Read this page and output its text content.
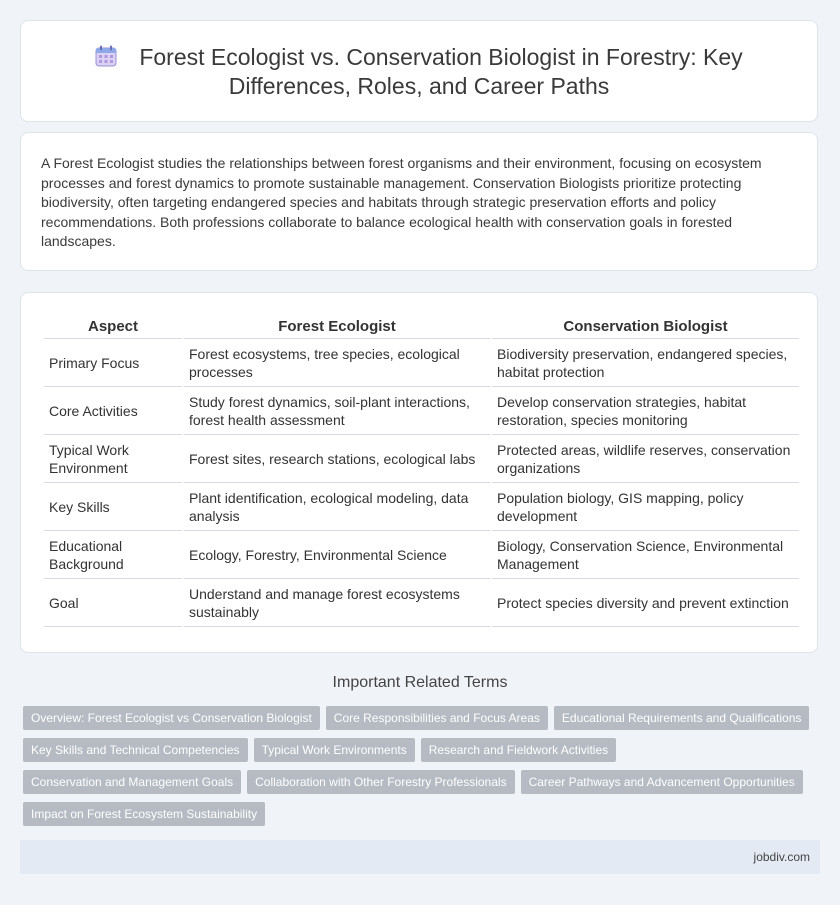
Forest Ecologist vs. Conservation Biologist in Forestry: Key
Differences, Roles, and Career Paths
A Forest Ecologist studies the relationships between forest organisms and their environment, focusing on ecosystem processes and forest dynamics to promote sustainable management. Conservation Biologists prioritize protecting biodiversity, often targeting endangered species and habitats through strategic preservation efforts and policy recommendations. Both professions collaborate to balance ecological health with conservation goals in forested landscapes.
Aspect	Forest Ecologist	Conservation Biologist
Primary Focus	Forest ecosystems, tree species, ecological processes	Biodiversity preservation, endangered species, habitat protection
Core Activities	Study forest dynamics, soil-plant interactions, forest health assessment	Develop conservation strategies, habitat restoration, species monitoring
Typical Work Environment	Forest sites, research stations, ecological labs	Protected areas, wildlife reserves, conservation organizations
Key Skills	Plant identification, ecological modeling, data analysis	Population biology, GIS mapping, policy development
Educational Background	Ecology, Forestry, Environmental Science	Biology, Conservation Science, Environmental Management
Goal	Understand and manage forest ecosystems sustainably	Protect species diversity and prevent extinction
Important Related Terms
Overview: Forest Ecologist vs Conservation Biologist Core Responsibilities and Focus Areas Educational Requirements and Qualifications
Key Skills and Technical Competencies Typical Work Environments Research and Fieldwork Activities
Conservation and Management Goals Collaboration with Other Forestry Professionals Career Pathways and Advancement Opportunities
Impact on Forest Ecosystem Sustainability
jobdiv.com
